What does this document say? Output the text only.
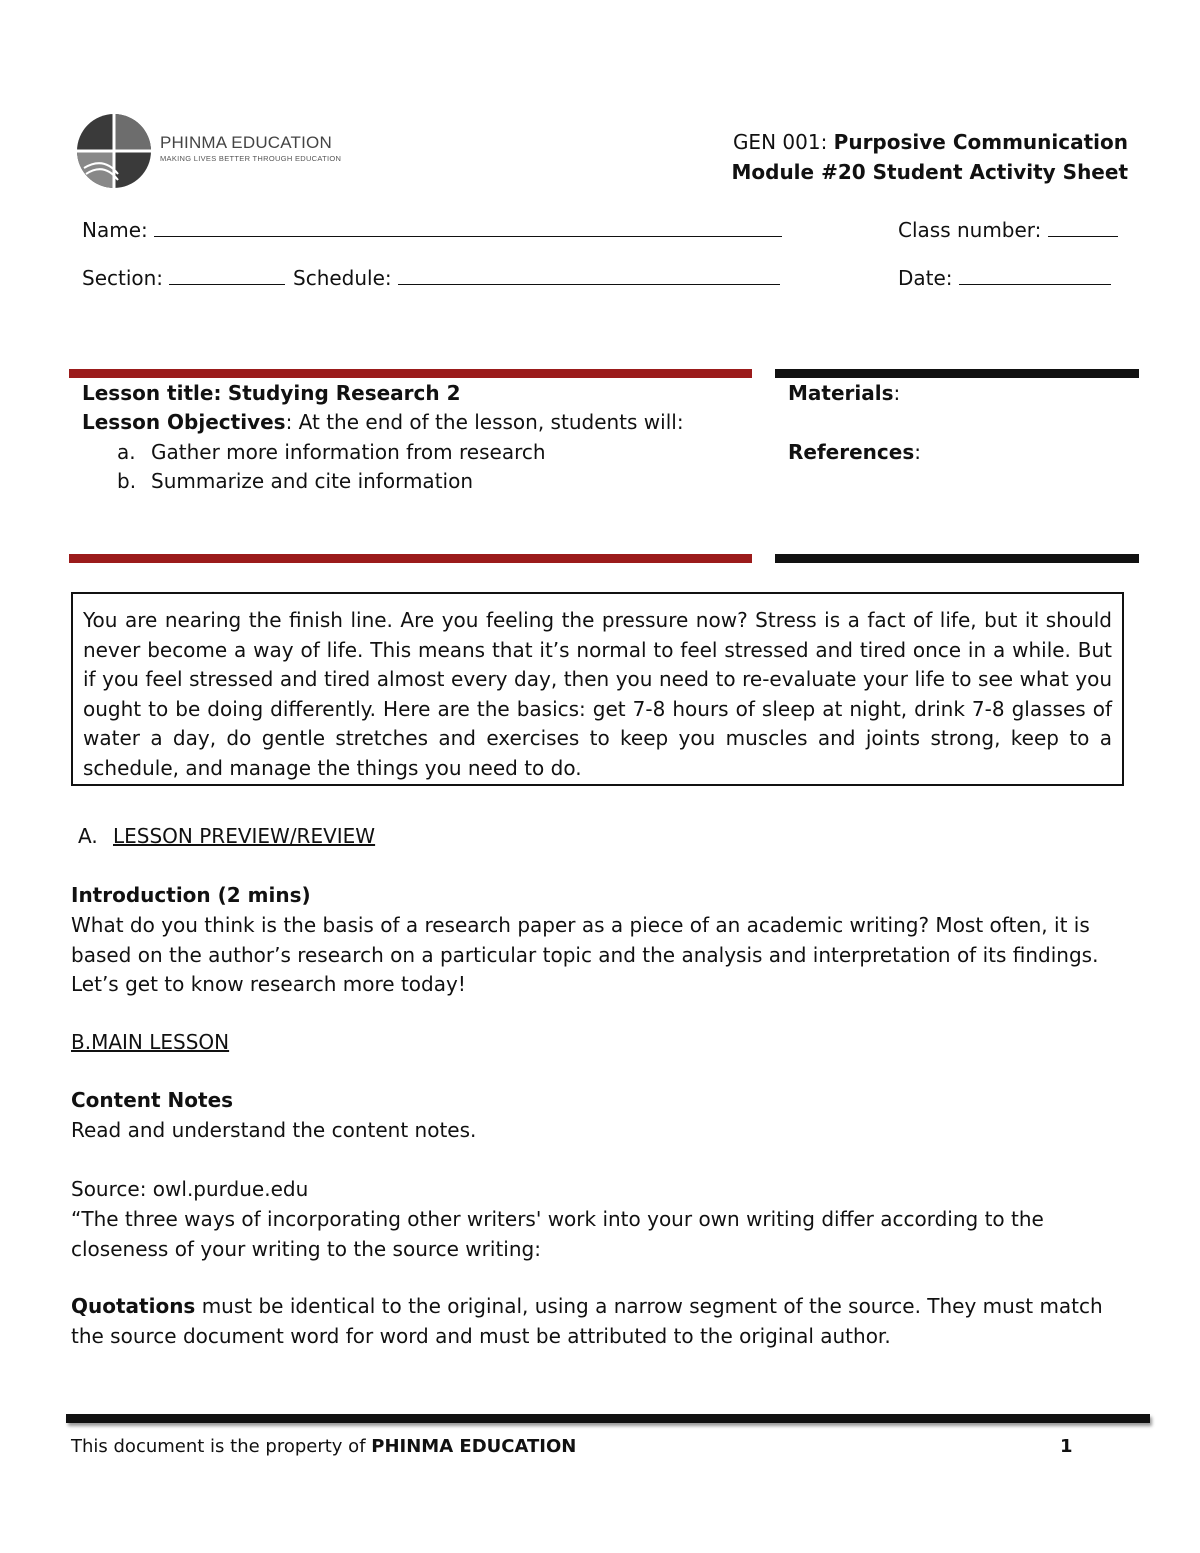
PHINMA EDUCATION
MAKING LIVES BETTER THROUGH EDUCATION
GEN 001: Purposive Communication
Module #20 Student Activity Sheet
Name:	Class number:
Section:	Schedule:	Date:
Lesson title: Studying Research 2
Lesson Objectives: At the end of the lesson, students will:
a. Gather more information from research
b. Summarize and cite information
Materials:
References:
You are nearing the finish line. Are you feeling the pressure now? Stress is a fact of life, but it should never become a way of life. This means that it’s normal to feel stressed and tired once in a while. But if you feel stressed and tired almost every day, then you need to re-evaluate your life to see what you ought to be doing differently. Here are the basics: get 7-8 hours of sleep at night, drink 7-8 glasses of water a day, do gentle stretches and exercises to keep you muscles and joints strong, keep to a schedule, and manage the things you need to do.
A. LESSON PREVIEW/REVIEW
Introduction (2 mins)
What do you think is the basis of a research paper as a piece of an academic writing? Most often, it is based on the author’s research on a particular topic and the analysis and interpretation of its findings. Let’s get to know research more today!
B.MAIN LESSON
Content Notes
Read and understand the content notes.
Source: owl.purdue.edu
“The three ways of incorporating other writers' work into your own writing differ according to the closeness of your writing to the source writing:
Quotations must be identical to the original, using a narrow segment of the source. They must match the source document word for word and must be attributed to the original author.
This document is the property of PHINMA EDUCATION	1
